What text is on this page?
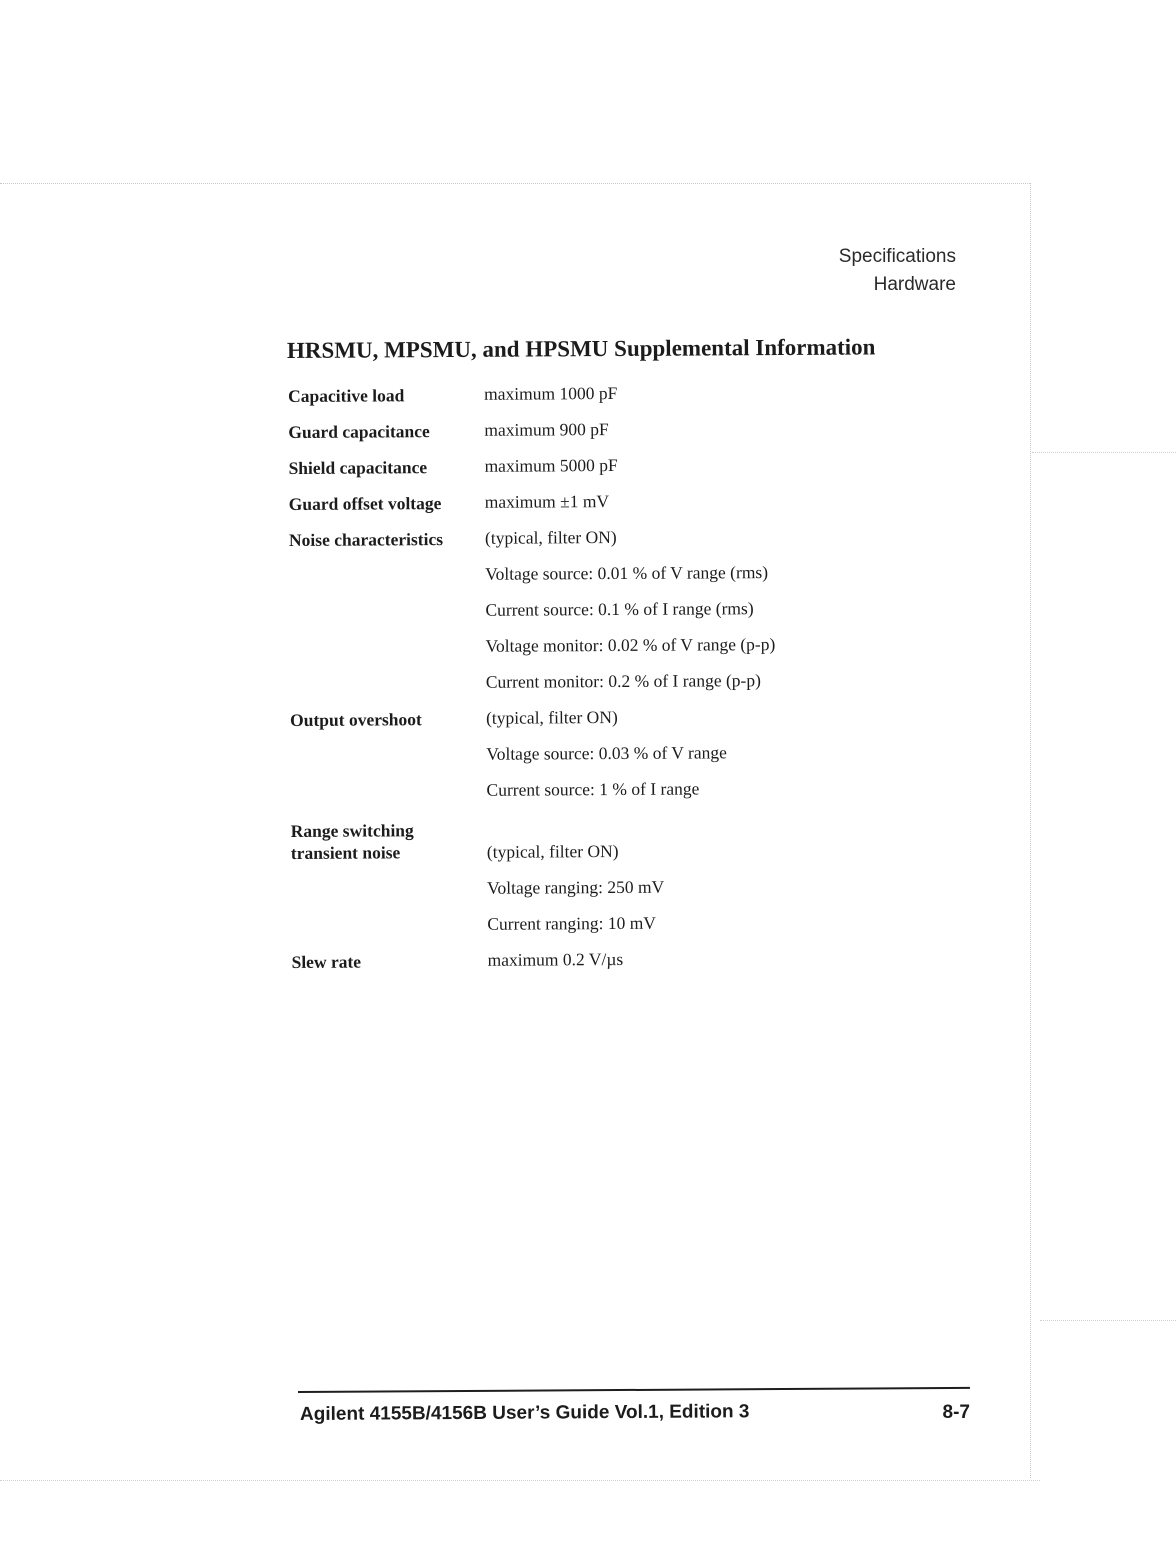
Specifications
Hardware
HRSMU, MPSMU, and HPSMU Supplemental Information
Capacitive load	maximum 1000 pF
Guard capacitance	maximum 900 pF
Shield capacitance	maximum 5000 pF
Guard offset voltage	maximum ±1 mV
Noise characteristics	(typical, filter ON)
Voltage source: 0.01 % of V range (rms)
Current source: 0.1 % of I range (rms)
Voltage monitor: 0.02 % of V range (p-p)
Current monitor: 0.2 % of I range (p-p)
Output overshoot	(typical, filter ON)
Voltage source: 0.03 % of V range
Current source: 1 % of I range
Range switching
transient noise	(typical, filter ON)
Voltage ranging: 250 mV
Current ranging: 10 mV
Slew rate	maximum 0.2 V/µs
Agilent 4155B/4156B User’s Guide Vol.1, Edition 3	8-7
